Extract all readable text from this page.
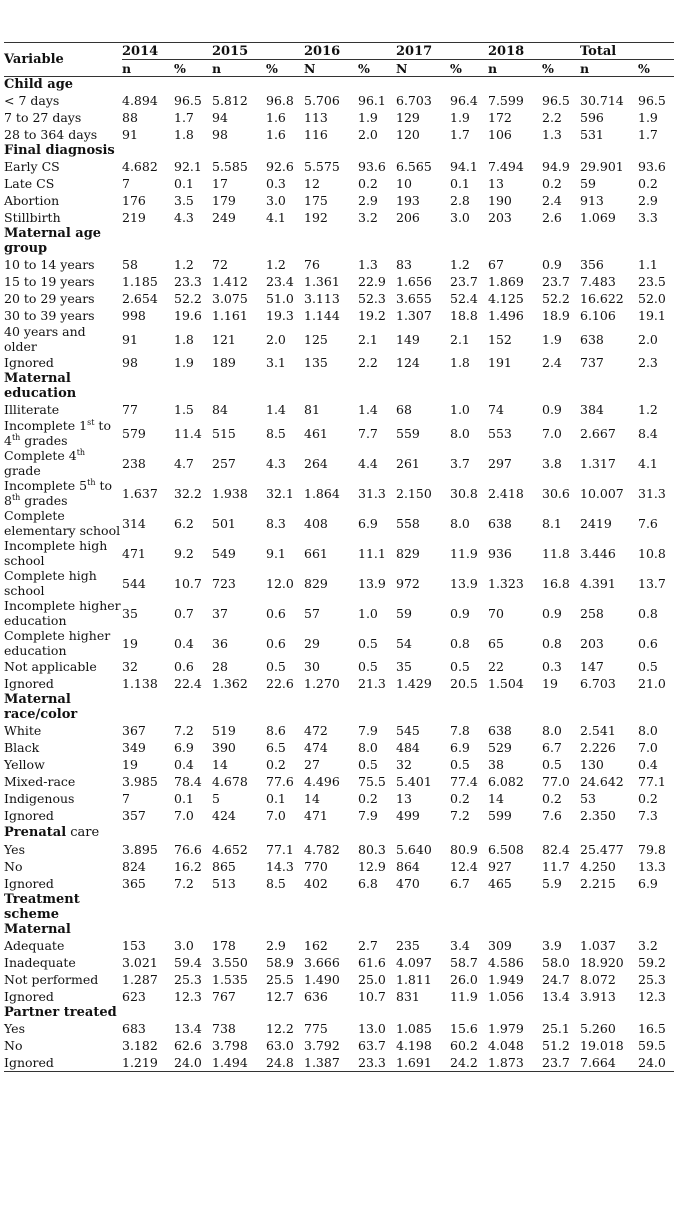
Variable	2014		2015		2016		2017		2018		Total	
	n	%	n	%	N	%	N	%	n	%	n	%
Child age												
< 7 days	4.894	96.5	5.812	96.8	5.706	96.1	6.703	96.4	7.599	96.5	30.714	96.5
7 to 27 days	88	1.7	94	1.6	113	1.9	129	1.9	172	2.2	596	1.9
28 to 364 days	91	1.8	98	1.6	116	2.0	120	1.7	106	1.3	531	1.7
Final diagnosis												
Early CS	4.682	92.1	5.585	92.6	5.575	93.6	6.565	94.1	7.494	94.9	29.901	93.6
Late CS	7	0.1	17	0.3	12	0.2	10	0.1	13	0.2	59	0.2
Abortion	176	3.5	179	3.0	175	2.9	193	2.8	190	2.4	913	2.9
Stillbirth	219	4.3	249	4.1	192	3.2	206	3.0	203	2.6	1.069	3.3
Maternal age group												
10 to 14 years	58	1.2	72	1.2	76	1.3	83	1.2	67	0.9	356	1.1
15 to 19 years	1.185	23.3	1.412	23.4	1.361	22.9	1.656	23.7	1.869	23.7	7.483	23.5
20 to 29 years	2.654	52.2	3.075	51.0	3.113	52.3	3.655	52.4	4.125	52.2	16.622	52.0
30 to 39 years	998	19.6	1.161	19.3	1.144	19.2	1.307	18.8	1.496	18.9	6.106	19.1
40 years and older	91	1.8	121	2.0	125	2.1	149	2.1	152	1.9	638	2.0
Ignored	98	1.9	189	3.1	135	2.2	124	1.8	191	2.4	737	2.3
Maternal education												
Illiterate	77	1.5	84	1.4	81	1.4	68	1.0	74	0.9	384	1.2
Incomplete 1st to 4th grades	579	11.4	515	8.5	461	7.7	559	8.0	553	7.0	2.667	8.4
Complete 4th grade	238	4.7	257	4.3	264	4.4	261	3.7	297	3.8	1.317	4.1
Incomplete 5th to 8th grades	1.637	32.2	1.938	32.1	1.864	31.3	2.150	30.8	2.418	30.6	10.007	31.3
Complete elementary school	314	6.2	501	8.3	408	6.9	558	8.0	638	8.1	2419	7.6
Incomplete high school	471	9.2	549	9.1	661	11.1	829	11.9	936	11.8	3.446	10.8
Complete high school	544	10.7	723	12.0	829	13.9	972	13.9	1.323	16.8	4.391	13.7
Incomplete higher education	35	0.7	37	0.6	57	1.0	59	0.9	70	0.9	258	0.8
Complete higher education	19	0.4	36	0.6	29	0.5	54	0.8	65	0.8	203	0.6
Not applicable	32	0.6	28	0.5	30	0.5	35	0.5	22	0.3	147	0.5
Ignored	1.138	22.4	1.362	22.6	1.270	21.3	1.429	20.5	1.504	19	6.703	21.0
Maternal race/color												
White	367	7.2	519	8.6	472	7.9	545	7.8	638	8.0	2.541	8.0
Black	349	6.9	390	6.5	474	8.0	484	6.9	529	6.7	2.226	7.0
Yellow	19	0.4	14	0.2	27	0.5	32	0.5	38	0.5	130	0.4
Mixed-race	3.985	78.4	4.678	77.6	4.496	75.5	5.401	77.4	6.082	77.0	24.642	77.1
Indigenous	7	0.1	5	0.1	14	0.2	13	0.2	14	0.2	53	0.2
Ignored	357	7.0	424	7.0	471	7.9	499	7.2	599	7.6	2.350	7.3
Prenatal care												
Yes	3.895	76.6	4.652	77.1	4.782	80.3	5.640	80.9	6.508	82.4	25.477	79.8
No	824	16.2	865	14.3	770	12.9	864	12.4	927	11.7	4.250	13.3
Ignored	365	7.2	513	8.5	402	6.8	470	6.7	465	5.9	2.215	6.9
Treatment scheme												
Maternal												
Adequate	153	3.0	178	2.9	162	2.7	235	3.4	309	3.9	1.037	3.2
Inadequate	3.021	59.4	3.550	58.9	3.666	61.6	4.097	58.7	4.586	58.0	18.920	59.2
Not performed	1.287	25.3	1.535	25.5	1.490	25.0	1.811	26.0	1.949	24.7	8.072	25.3
Ignored	623	12.3	767	12.7	636	10.7	831	11.9	1.056	13.4	3.913	12.3
Partner treated												
Yes	683	13.4	738	12.2	775	13.0	1.085	15.6	1.979	25.1	5.260	16.5
No	3.182	62.6	3.798	63.0	3.792	63.7	4.198	60.2	4.048	51.2	19.018	59.5
Ignored	1.219	24.0	1.494	24.8	1.387	23.3	1.691	24.2	1.873	23.7	7.664	24.0
